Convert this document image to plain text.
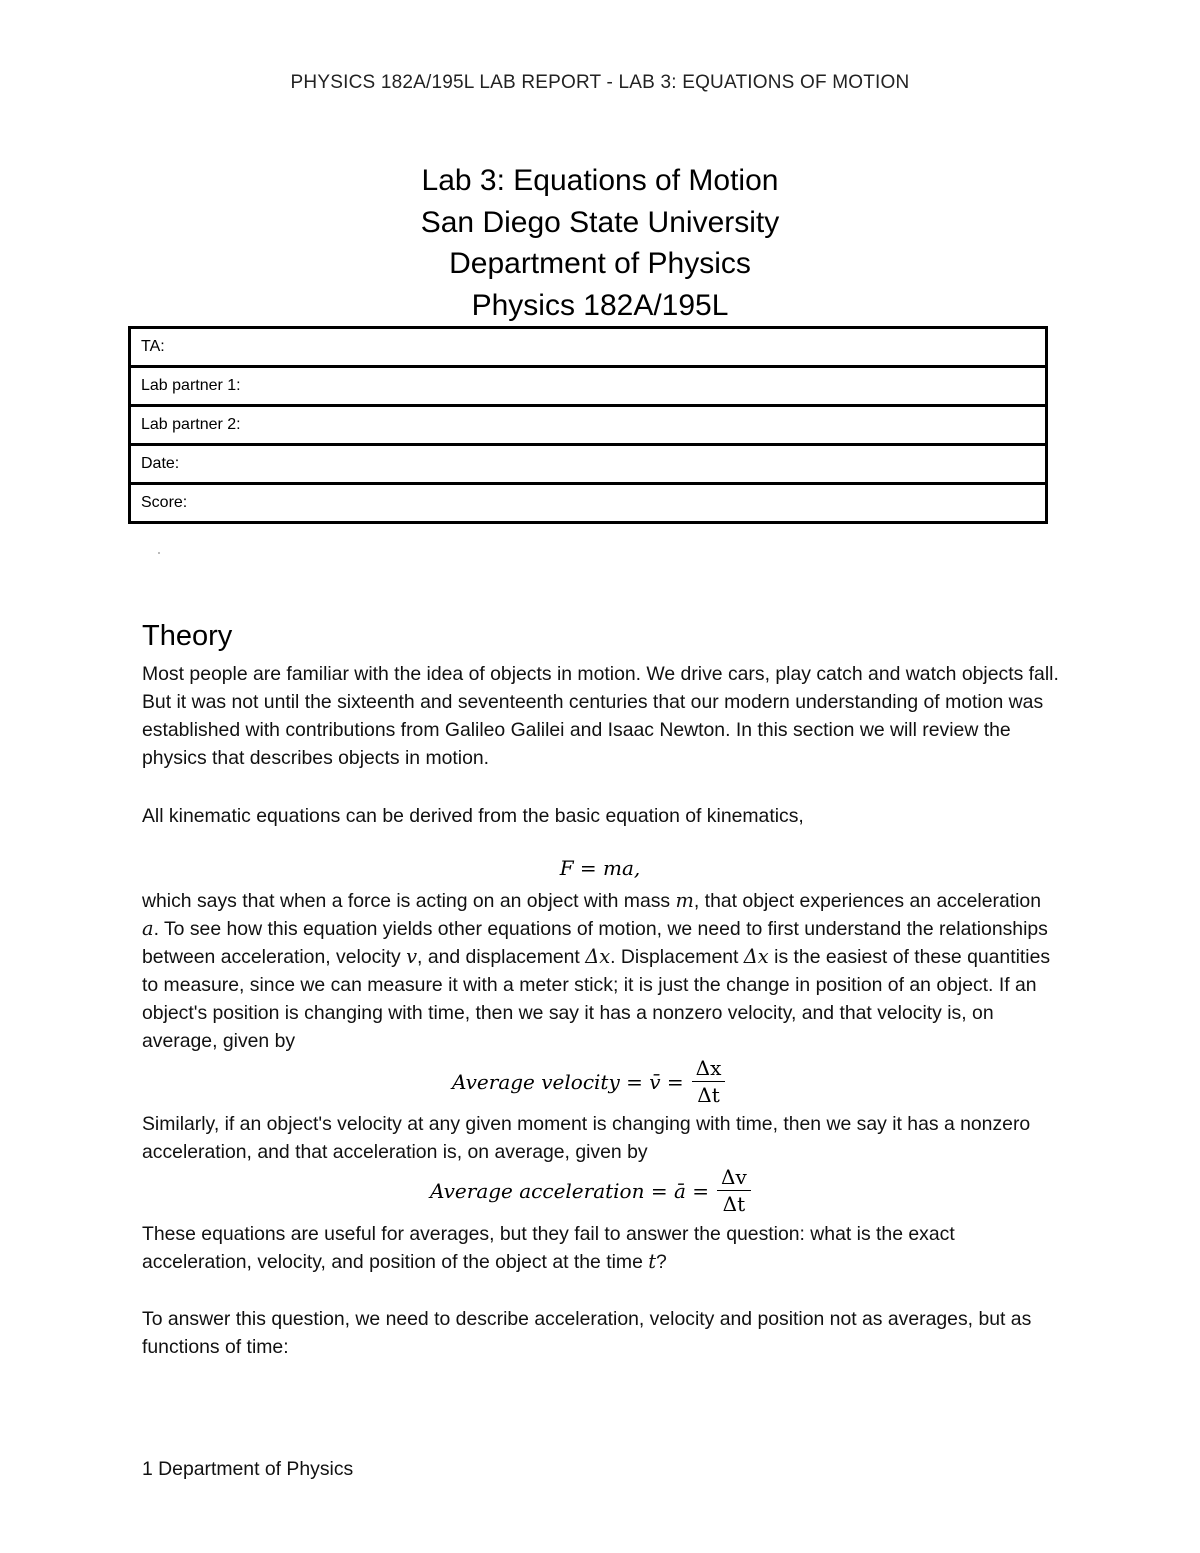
PHYSICS 182A/195L LAB REPORT - LAB 3: EQUATIONS OF MOTION
Lab 3: Equations of Motion
San Diego State University
Department of Physics
Physics 182A/195L
TA:
Lab partner 1:
Lab partner 2:
Date:
Score:
Theory

Most people are familiar with the idea of objects in motion. We drive cars, play catch and watch objects fall. But it was not until the sixteenth and seventeenth centuries that our modern understanding of motion was established with contributions from Galileo Galilei and Isaac Newton. In this section we will review the physics that describes objects in motion.

All kinematic equations can be derived from the basic equation of kinematics,

F = ma,

which says that when a force is acting on an object with mass m, that object experiences an acceleration a. To see how this equation yields other equations of motion, we need to first understand the relationships between acceleration, velocity v, and displacement Δx. Displacement Δx is the easiest of these quantities to measure, since we can measure it with a meter stick; it is just the change in position of an object. If an object's position is changing with time, then we say it has a nonzero velocity, and that velocity is, on average, given by

Average velocity = v̄ = $\frac{\Delta x}{\Delta t}$

Similarly, if an object's velocity at any given moment is changing with time, then we say it has a nonzero acceleration, and that acceleration is, on average, given by

Average acceleration = ā = $\frac{\Delta v}{\Delta t}$

These equations are useful for averages, but they fail to answer the question: what is the exact acceleration, velocity, and position of the object at the time t?

To answer this question, we need to describe acceleration, velocity and position not as averages, but as functions of time:

1 Department of Physics
